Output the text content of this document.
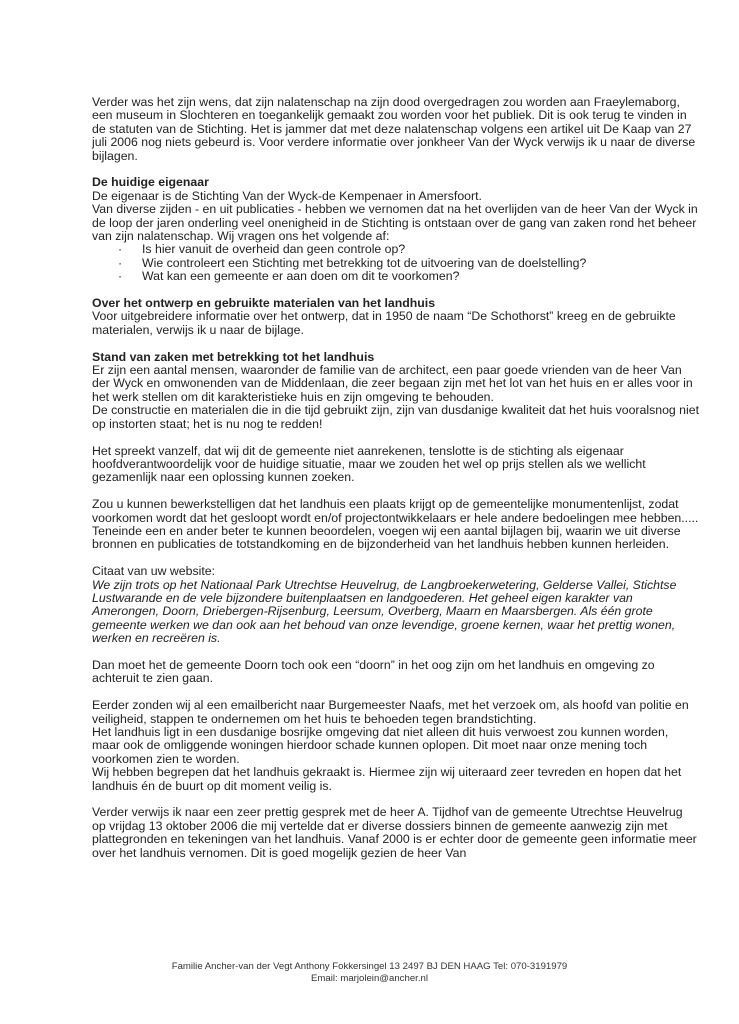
Verder was het zijn wens, dat zijn nalatenschap na zijn dood overgedragen zou worden aan Fraeylemaborg, een museum in Slochteren en toegankelijk gemaakt zou worden voor het publiek. Dit is ook terug te vinden in de statuten van de Stichting. Het is jammer dat met deze nalatenschap volgens een artikel uit De Kaap van 27 juli 2006 nog niets gebeurd is. Voor verdere informatie over jonkheer Van der Wyck verwijs ik u naar de diverse bijlagen.

De huidige eigenaar

De eigenaar is de Stichting Van der Wyck-de Kempenaer in Amersfoort.

Van diverse zijden - en uit publicaties - hebben we vernomen dat na het overlijden van de heer Van der Wyck in de loop der jaren onderling veel onenigheid in de Stichting is ontstaan over de gang van zaken rond het beheer van zijn nalatenschap. Wij vragen ons het volgende af:

· Is hier vanuit de overheid dan geen controle op?
· Wie controleert een Stichting met betrekking tot de uitvoering van de doelstelling?
· Wat kan een gemeente er aan doen om dit te voorkomen?
Over het ontwerp en gebruikte materialen van het landhuis

Voor uitgebreidere informatie over het ontwerp, dat in 1950 de naam “De Schothorst” kreeg en de gebruikte materialen, verwijs ik u naar de bijlage.

Stand van zaken met betrekking tot het landhuis

Er zijn een aantal mensen, waaronder de familie van de architect, een paar goede vrienden van de heer Van der Wyck en omwonenden van de Middenlaan, die zeer begaan zijn met het lot van het huis en er alles voor in het werk stellen om dit karakteristieke huis en zijn omgeving te behouden.

De constructie en materialen die in die tijd gebruikt zijn, zijn van dusdanige kwaliteit dat het huis vooralsnog niet op instorten staat; het is nu nog te redden!

Het spreekt vanzelf, dat wij dit de gemeente niet aanrekenen, tenslotte is de stichting als eigenaar hoofdverantwoordelijk voor de huidige situatie, maar we zouden het wel op prijs stellen als we wellicht gezamenlijk naar een oplossing kunnen zoeken.

Zou u kunnen bewerkstelligen dat het landhuis een plaats krijgt op de gemeentelijke monumentenlijst, zodat voorkomen wordt dat het gesloopt wordt en/of projectontwikkelaars er hele andere bedoelingen mee hebben.....

Teneinde een en ander beter te kunnen beoordelen, voegen wij een aantal bijlagen bij, waarin we uit diverse bronnen en publicaties de totstandkoming en de bijzonderheid van het landhuis hebben kunnen herleiden.

Citaat van uw website:

We zijn trots op het Nationaal Park Utrechtse Heuvelrug, de Langbroekerwetering, Gelderse Vallei, Stichtse Lustwarande en de vele bijzondere buitenplaatsen en landgoederen. Het geheel eigen karakter van Amerongen, Doorn, Driebergen-Rijsenburg, Leersum, Overberg, Maarn en Maarsbergen. Als één grote gemeente werken we dan ook aan het behoud van onze levendige, groene kernen, waar het prettig wonen, werken en recreëren is.

Dan moet het de gemeente Doorn toch ook een “doorn” in het oog zijn om het landhuis en omgeving zo achteruit te zien gaan.

Eerder zonden wij al een emailbericht naar Burgemeester Naafs, met het verzoek om, als hoofd van politie en veiligheid, stappen te ondernemen om het huis te behoeden tegen brandstichting.

Het landhuis ligt in een dusdanige bosrijke omgeving dat niet alleen dit huis verwoest zou kunnen worden, maar ook de omliggende woningen hierdoor schade kunnen oplopen. Dit moet naar onze mening toch voorkomen zien te worden.

Wij hebben begrepen dat het landhuis gekraakt is. Hiermee zijn wij uiteraard zeer tevreden en hopen dat het landhuis én de buurt op dit moment veilig is.

Verder verwijs ik naar een zeer prettig gesprek met de heer A. Tijdhof van de gemeente Utrechtse Heuvelrug op vrijdag 13 oktober 2006 die mij vertelde dat er diverse dossiers binnen de gemeente aanwezig zijn met plattegronden en tekeningen van het landhuis. Vanaf 2000 is er echter door de gemeente geen informatie meer over het landhuis vernomen. Dit is goed mogelijk gezien de heer Van

Familie Ancher-van der Vegt Anthony Fokkersingel 13 2497 BJ DEN HAAG Tel: 070-3191979
Email: marjolein@ancher.nl
